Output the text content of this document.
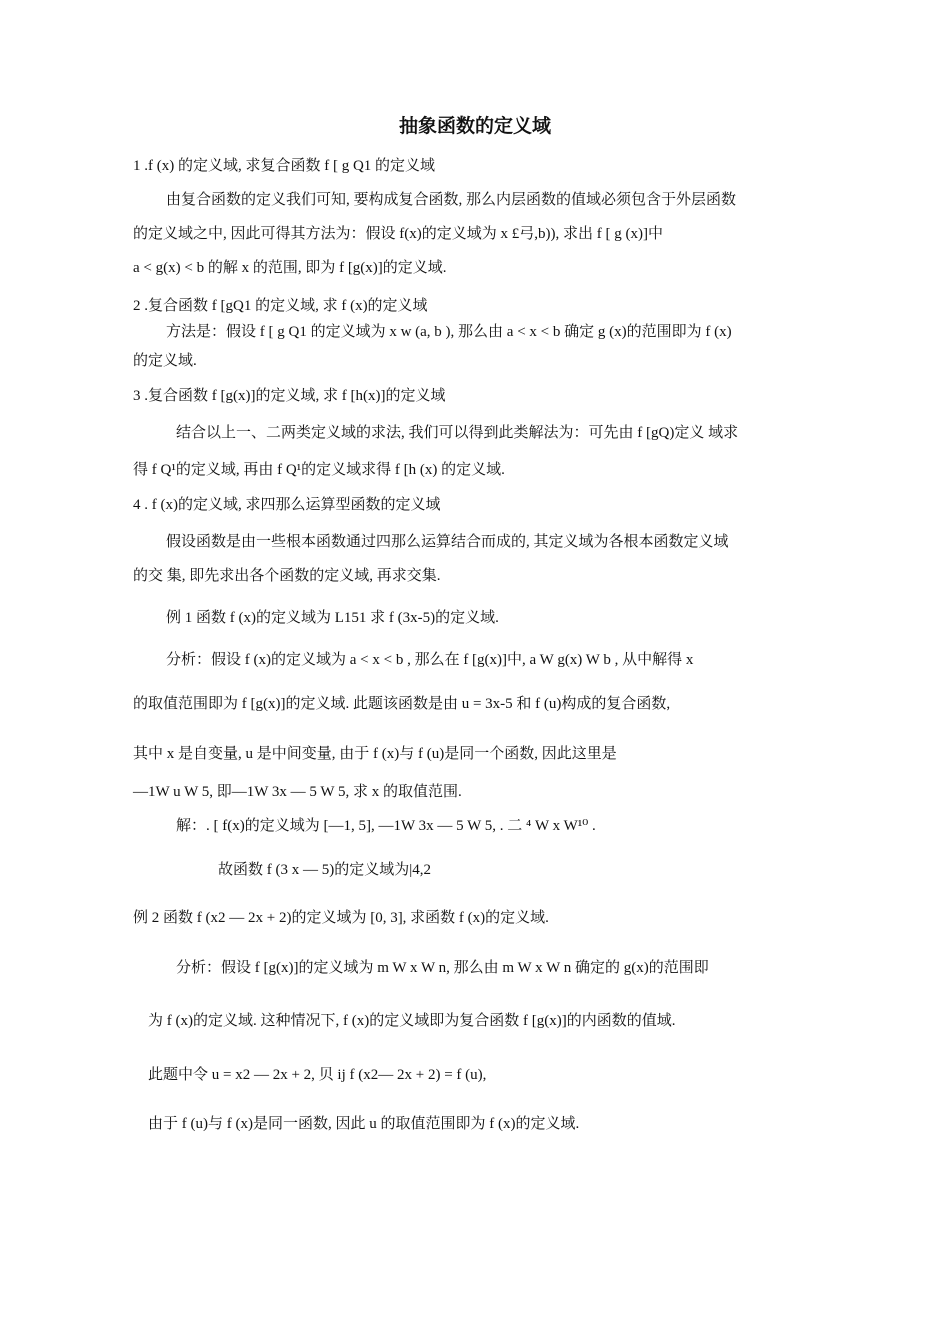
抽象函数的定义域
1 .f (x) 的定义域, 求复合函数 f [ g Q1 的定义域
由复合函数的定义我们可知, 要构成复合函数, 那么内层函数的值域必须包含于外层函数
的定义域之中, 因此可得其方法为：假设 f(x)的定义域为 x £弓,b)), 求出 f [ g (x)]中
a < g(x) < b 的解 x 的范围, 即为 f [g(x)]的定义域.
2 .复合函数 f [gQ1 的定义域, 求 f (x)的定义域
方法是：假设 f [ g Q1 的定义域为 x w (a, b ), 那么由 a < x < b 确定 g (x)的范围即为 f (x)
的定义域.
3 .复合函数 f [g(x)]的定义域, 求 f [h(x)]的定义域
结合以上一、二两类定义域的求法, 我们可以得到此类解法为：可先由 f [gQ)定义 域求
得 f Q¹的定义域, 再由 f Q¹的定义域求得 f [h (x) 的定义域.
4 . f (x)的定义域, 求四那么运算型函数的定义域
假设函数是由一些根本函数通过四那么运算结合而成的, 其定义域为各根本函数定义域
的交 集, 即先求出各个函数的定义域, 再求交集.
例 1 函数 f (x)的定义域为 L151 求 f (3x-5)的定义域.
分析：假设 f (x)的定义域为 a < x < b , 那么在 f [g(x)]中, a W g(x) W b , 从中解得 x
的取值范围即为 f [g(x)]的定义域. 此题该函数是由 u = 3x-5 和 f (u)构成的复合函数,
其中 x 是自变量, u 是中间变量, 由于 f (x)与 f (u)是同一个函数, 因此这里是
—1W u W 5, 即—1W 3x — 5 W 5, 求 x 的取值范围.
解：. [ f(x)的定义域为 [—1, 5], —1W 3x — 5 W 5, . 二 ⁴ W x W¹⁰ .
故函数 f (3 x — 5)的定义域为|4,2
例 2 函数 f (x2 — 2x + 2)的定义域为 [0, 3], 求函数 f (x)的定义域.
分析：假设 f [g(x)]的定义域为 m W x W n, 那么由 m W x W n 确定的 g(x)的范围即
为 f (x)的定义域. 这种情况下, f (x)的定义域即为复合函数 f [g(x)]的内函数的值域.
此题中令 u = x2 — 2x + 2, 贝 ij f (x2— 2x + 2) = f (u),
由于 f (u)与 f (x)是同一函数, 因此 u 的取值范围即为 f (x)的定义域.
